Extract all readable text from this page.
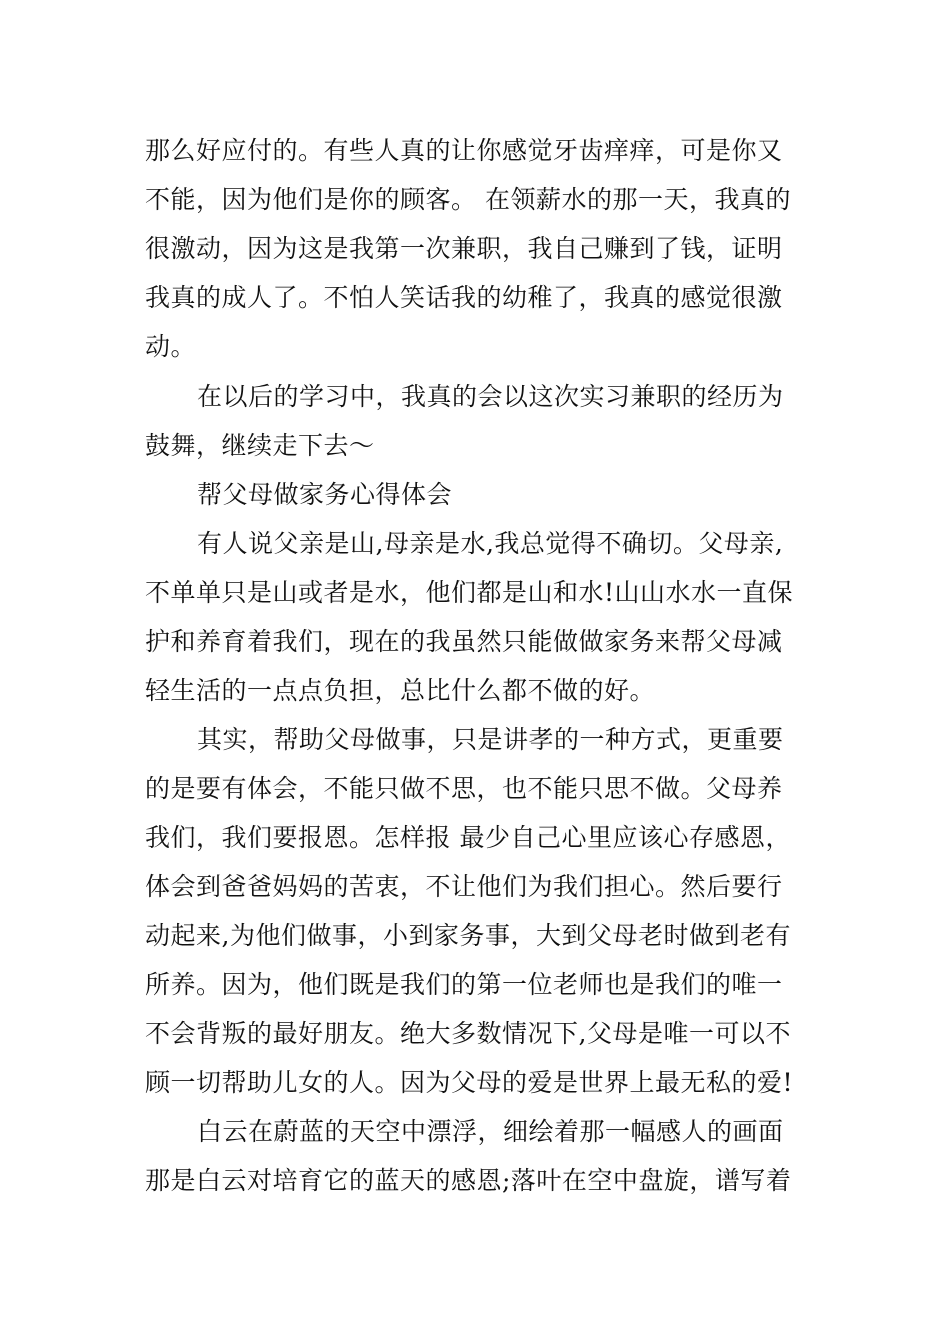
那么好应付的。有些人真的让你感觉牙齿痒痒，可是你又
不能，因为他们是你的顾客。 在领薪水的那一天，我真的
很激动，因为这是我第一次兼职，我自己赚到了钱，证明
我真的成人了。不怕人笑话我的幼稚了，我真的感觉很激
动。
在以后的学习中，我真的会以这次实习兼职的经历为
鼓舞，继续走下去～
帮父母做家务心得体会
有人说父亲是山,母亲是水,我总觉得不确切。父母亲,
不单单只是山或者是水，他们都是山和水!山山水水一直保
护和养育着我们，现在的我虽然只能做做家务来帮父母减
轻生活的一点点负担，总比什么都不做的好。
其实，帮助父母做事，只是讲孝的一种方式，更重要
的是要有体会，不能只做不思，也不能只思不做。父母养
我们，我们要报恩。怎样报 最少自己心里应该心存感恩，
体会到爸爸妈妈的苦衷，不让他们为我们担心。然后要行
动起来,为他们做事，小到家务事，大到父母老时做到老有
所养。因为，他们既是我们的第一位老师也是我们的唯一
不会背叛的最好朋友。绝大多数情况下,父母是唯一可以不
顾一切帮助儿女的人。因为父母的爱是世界上最无私的爱!
白云在蔚蓝的天空中漂浮，细绘着那一幅感人的画面
那是白云对培育它的蓝天的感恩;落叶在空中盘旋，谱写着
